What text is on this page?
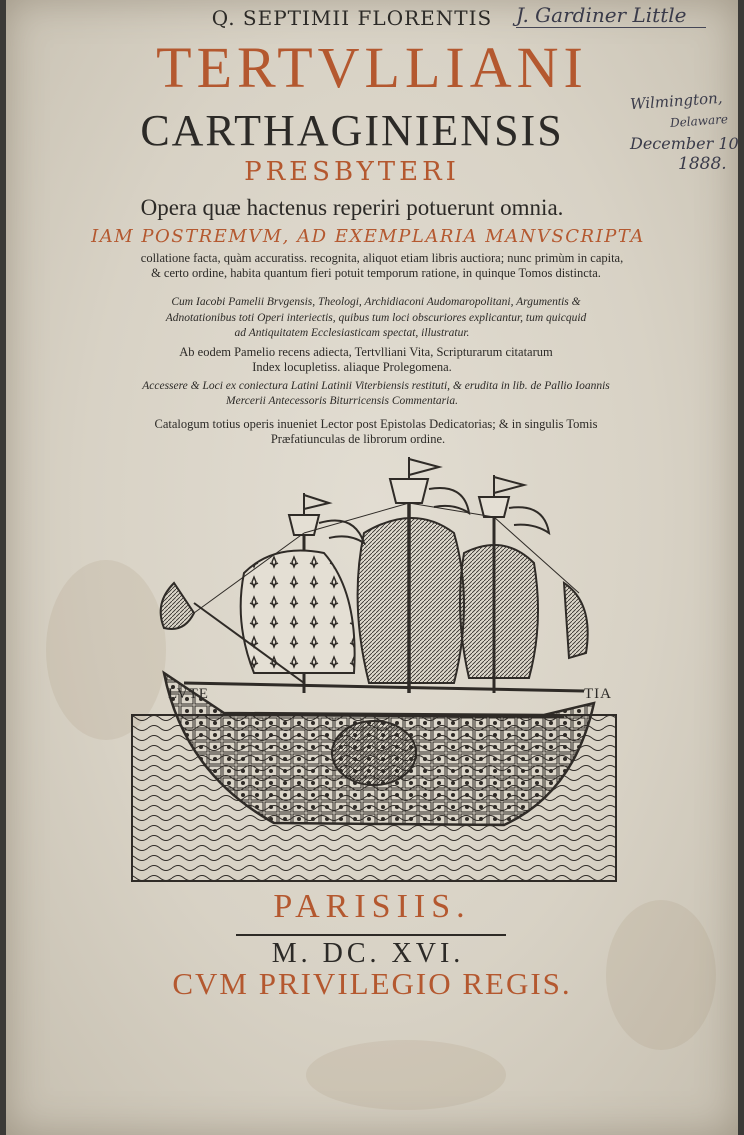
Q. SEPTIMII FLORENTIS

TERTVLLIANI

CARTHAGINIENSIS

PRESBYTERI

Opera quæ hactenus reperiri potuerunt omnia.

IAM POSTREMVM, AD EXEMPLARIA MANVSCRIPTA

collatione facta, quàm accuratiss. recognita, aliquot etiam libris auctiora; nunc primùm in capita,

& certo ordine, habita quantum fieri potuit temporum ratione, in quinque Tomos distincta.

Cum Iacobi Pamelii Brvgensis, Theologi, Archidiaconi Audomaropolitani, Argumentis &

Adnotationibus toti Operi interiectis, quibus tum loci obscuriores explicantur, tum quicquid

ad Antiquitatem Ecclesiasticam spectat, illustratur.

Ab eodem Pamelio recens adiecta, Tertvlliani Vita, Scripturarum citatarum

Index locupletiss. aliaque Prolegomena.

Accessere & Loci ex coniectura Latini Latinii Viterbiensis restituti, & erudita in lib. de Pallio Ioannis

Mercerii Antecessoris Biturricensis Commentaria.

Catalogum totius operis inueniet Lector post Epistolas Dedicatorias; & in singulis Tomis

Præfatiunculas de librorum ordine.

LVTE	TIA

PARISIIS.

M. DC. XVI.

CVM PRIVILEGIO REGIS.

J. Gardiner Little
Wilmington,
Delaware
December 10
1888.
